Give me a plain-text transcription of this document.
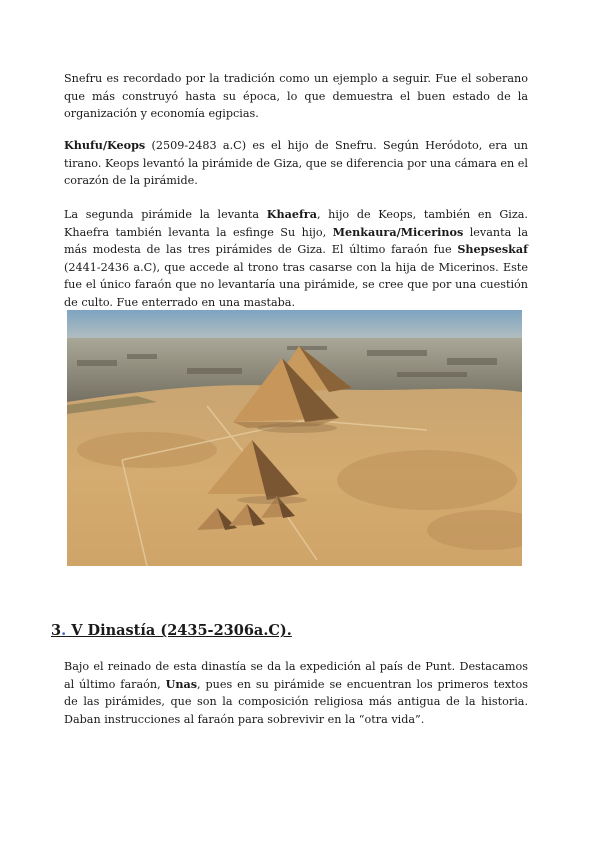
Snefru es recordado por la tradición como un ejemplo a seguir. Fue el soberano que más construyó hasta su época, lo que demuestra el buen estado de la organización y economía egipcias.

Khufu/Keops (2509-2483 a.C) es el hijo de Snefru. Según Heródoto, era un tirano. Keops levantó la pirámide de Giza, que se diferencia por una cámara en el corazón de la pirámide.

La segunda pirámide la levanta Khaefra, hijo de Keops, también en Giza. Khaefra también levanta la esfinge Su hijo, Menkaura/Micerinos levanta la más modesta de las tres pirámides de Giza. El último faraón fue Shepseskaf (2441-2436 a.C), que accede al trono tras casarse con la hija de Micerinos. Este fue el único faraón que no levantaría una pirámide, se cree que por una cuestión de culto. Fue enterrado en una mastaba.

3. V Dinastía (2435-2306a.C).

Bajo el reinado de esta dinastía se da la expedición al país de Punt. Destacamos al último faraón, Unas, pues en su pirámide se encuentran los primeros textos de las pirámides, que son la composición religiosa más antigua de la historia. Daban instrucciones al faraón para sobrevivir en la “otra vida”.
